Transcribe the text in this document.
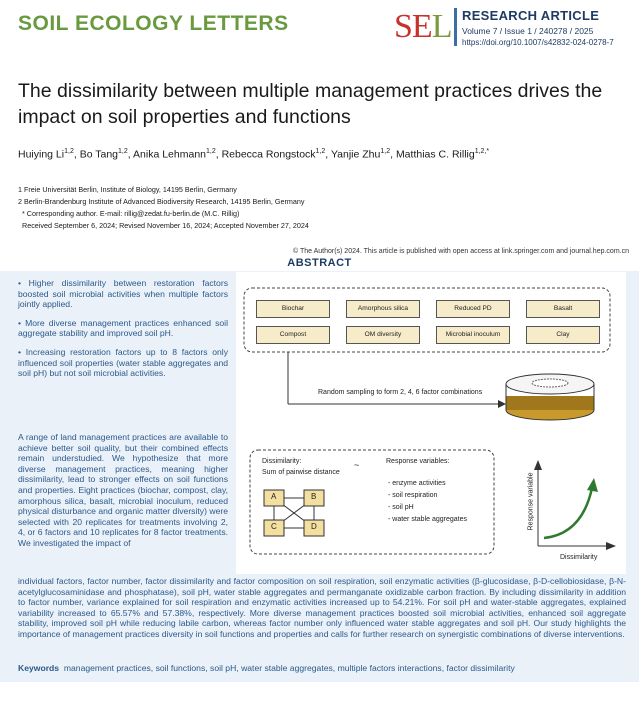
SOIL ECOLOGY LETTERS	SEL RESEARCH ARTICLE
Volume 7 / Issue 1 / 240278 / 2025
https://doi.org/10.1007/s42832-024-0278-7
The dissimilarity between multiple management practices drives the impact on soil properties and functions
Huiying Li$^{1,2}$, Bo Tang$^{1,2}$, Anika Lehmann$^{1,2}$, Rebecca Rongstock$^{1,2}$, Yanjie Zhu$^{1,2}$, Matthias C. Rillig$^{1,2,*}$
1 Freie Universität Berlin, Institute of Biology, 14195 Berlin, Germany
2 Berlin-Brandenburg Institute of Advanced Biodiversity Research, 14195 Berlin, Germany
* Corresponding author. E-mail: rillig@zedat.fu-berlin.de (M.C. Rillig)
Received September 6, 2024; Revised November 16, 2024; Accepted November 27, 2024
© The Author(s) 2024. This article is published with open access at link.springer.com and journal.hep.com.cn
ABSTRACT

• Higher dissimilarity between restoration factors boosted soil microbial activities when multiple factors jointly applied.

• More diverse management practices enhanced soil aggregate stability and improved soil pH.

• Increasing restoration factors up to 8 factors only influenced soil properties (water stable aggregates and soil pH) but not soil microbial activities.

A range of land management practices are available to achieve better soil quality, but their combined effects remain understudied. We hypothesize that more diverse management practices, meaning higher dissimilarity, lead to stronger effects on soil functions and properties. Eight practices (biochar, compost, clay, amorphous silica, basalt, microbial inoculum, reduced physical disturbance and organic matter diversity) were selected with 20 replicates for treatments involving 2, 4, or 6 factors and 10 replicates for 8 factor treatments. We investigated the impact of
Biochar	Amorphous silica	Reduced PD	Basalt
Compost	OM diversity	Microbial inoculum	Clay
Random sampling to form 2, 4, 6 factor combinations
Dissimilarity:
Sum of pairwise distance
~
A	B
C	D
Response variables:
- enzyme activities
- soil respiration
- soil pH
- water stable aggregates	Response variable
Dissimilarity
individual factors, factor number, factor dissimilarity and factor composition on soil respiration, soil enzymatic activities (β-glucosidase, β-D-cellobiosidase, β-N-acetylglucosaminidase and phosphatase), soil pH, water stable aggregates and permanganate oxidizable carbon fraction. By including dissimilarity in addition to factor number, variance explained for soil respiration and enzymatic activities increased up to 54.21%. For soil pH and water-stable aggregates, explained variability increased to 65.57% and 57.38%, respectively. More diverse management practices boosted soil microbial activities, enhanced soil aggregate stability, improved soil pH while reducing labile carbon, whereas factor number only influenced water stable aggregates and soil pH. Our study highlights the importance of management practices diversity in soil functions and properties and calls for further research on synergistic combinations of diverse interventions.
Keywords management practices, soil functions, soil pH, water stable aggregates, multiple factors interactions, factor dissimilarity
